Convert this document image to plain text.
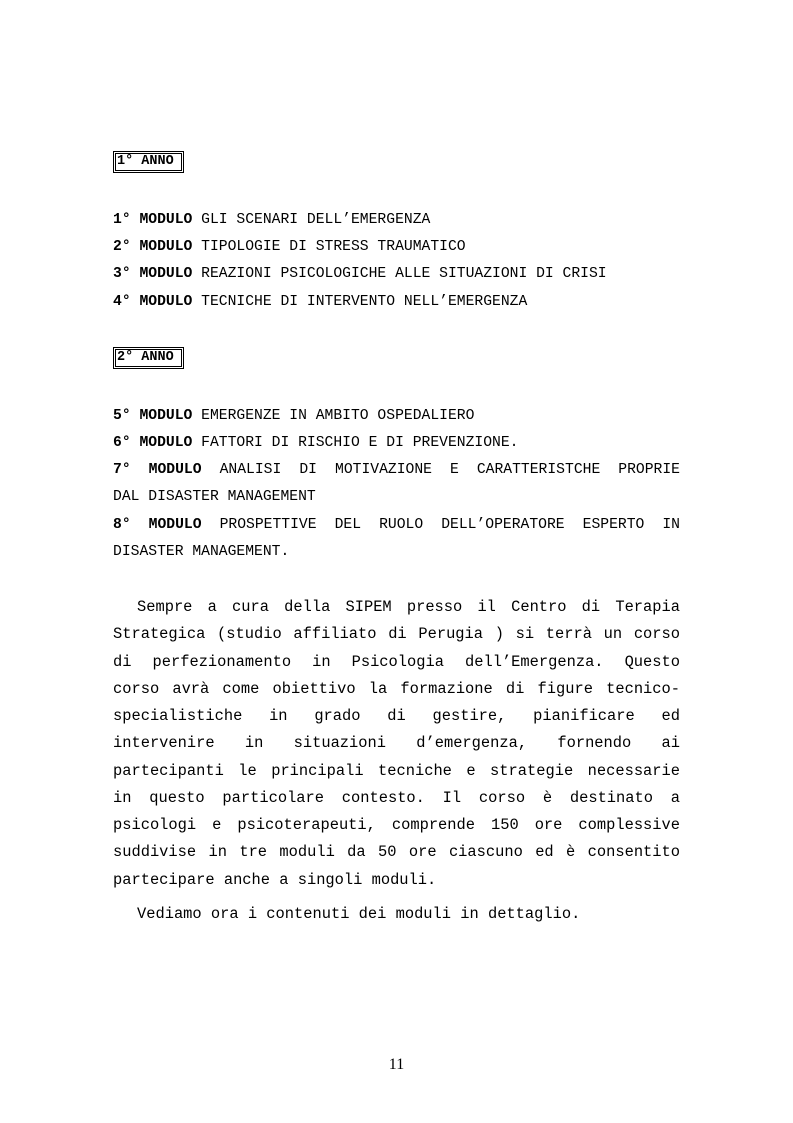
1° ANNO
1° MODULO GLI SCENARI DELL’EMERGENZA
2° MODULO TIPOLOGIE DI STRESS TRAUMATICO
3° MODULO REAZIONI PSICOLOGICHE ALLE SITUAZIONI DI CRISI
4° MODULO TECNICHE DI INTERVENTO NELL’EMERGENZA
2° ANNO
5° MODULO EMERGENZE IN AMBITO OSPEDALIERO
6° MODULO FATTORI DI RISCHIO E DI PREVENZIONE.
7° MODULO ANALISI DI MOTIVAZIONE E CARATTERISTCHE PROPRIE
DAL DISASTER MANAGEMENT
8° MODULO PROSPETTIVE DEL RUOLO DELL’OPERATORE ESPERTO IN
DISASTER MANAGEMENT.
Sempre a cura della SIPEM presso il Centro di Terapia
Strategica (studio affiliato di Perugia ) si terrà un corso
di perfezionamento in Psicologia dell’Emergenza. Questo
corso avrà come obiettivo la formazione di figure tecnico-
specialistiche in grado di gestire, pianificare ed
intervenire in situazioni d’emergenza, fornendo ai
partecipanti le principali tecniche e strategie necessarie
in questo particolare contesto. Il corso è destinato a
psicologi e psicoterapeuti, comprende 150 ore complessive
suddivise in tre moduli da 50 ore ciascuno ed è consentito
partecipare anche a singoli moduli.
Vediamo ora i contenuti dei moduli in dettaglio.
11
